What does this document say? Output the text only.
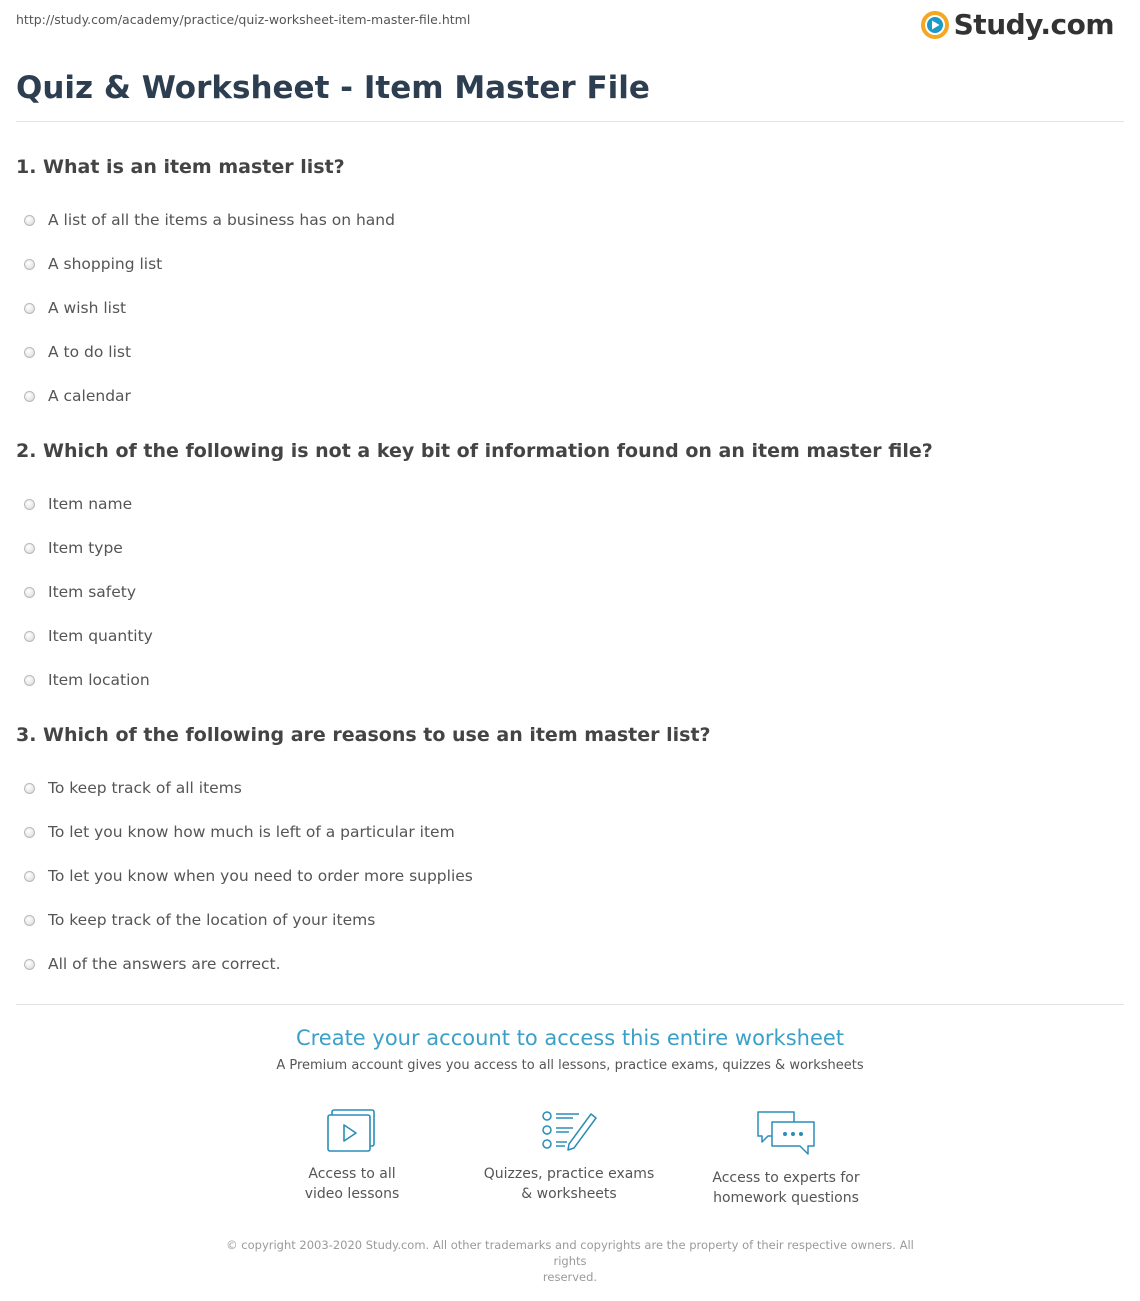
http://study.com/academy/practice/quiz-worksheet-item-master-file.html	Study.com
Quiz & Worksheet - Item Master File
1. What is an item master list?
A list of all the items a business has on hand
A shopping list
A wish list
A to do list
A calendar
2. Which of the following is not a key bit of information found on an item master file?
Item name
Item type
Item safety
Item quantity
Item location
3. Which of the following are reasons to use an item master list?
To keep track of all items
To let you know how much is left of a particular item
To let you know when you need to order more supplies
To keep track of the location of your items
All of the answers are correct.
Create your account to access this entire worksheet
A Premium account gives you access to all lessons, practice exams, quizzes & worksheets
Access to all
video lessons
Quizzes, practice exams
& worksheets
Access to experts for
homework questions
© copyright 2003-2020 Study.com. All other trademarks and copyrights are the property of their respective owners. All rights
reserved.
